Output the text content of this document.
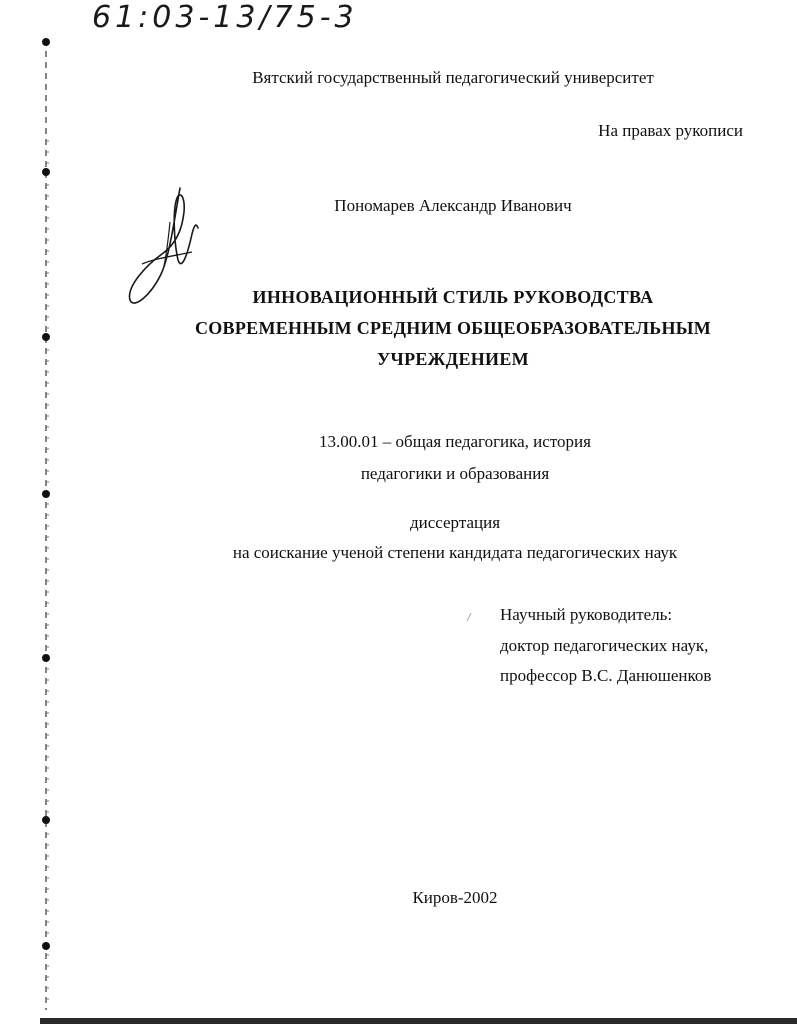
61:03-13/75-3
Вятский государственный педагогический университет
На правах рукописи
Пономарев Александр Иванович
ИННОВАЦИОННЫЙ СТИЛЬ РУКОВОДСТВА
СОВРЕМЕННЫМ СРЕДНИМ ОБЩЕОБРАЗОВАТЕЛЬНЫМ
УЧРЕЖДЕНИЕМ
13.00.01 – общая педагогика, история
педагогики и образования
диссертация
на соискание ученой степени кандидата педагогических наук
Научный руководитель:
доктор педагогических наук,
профессор В.С. Данюшенков
Киров-2002
